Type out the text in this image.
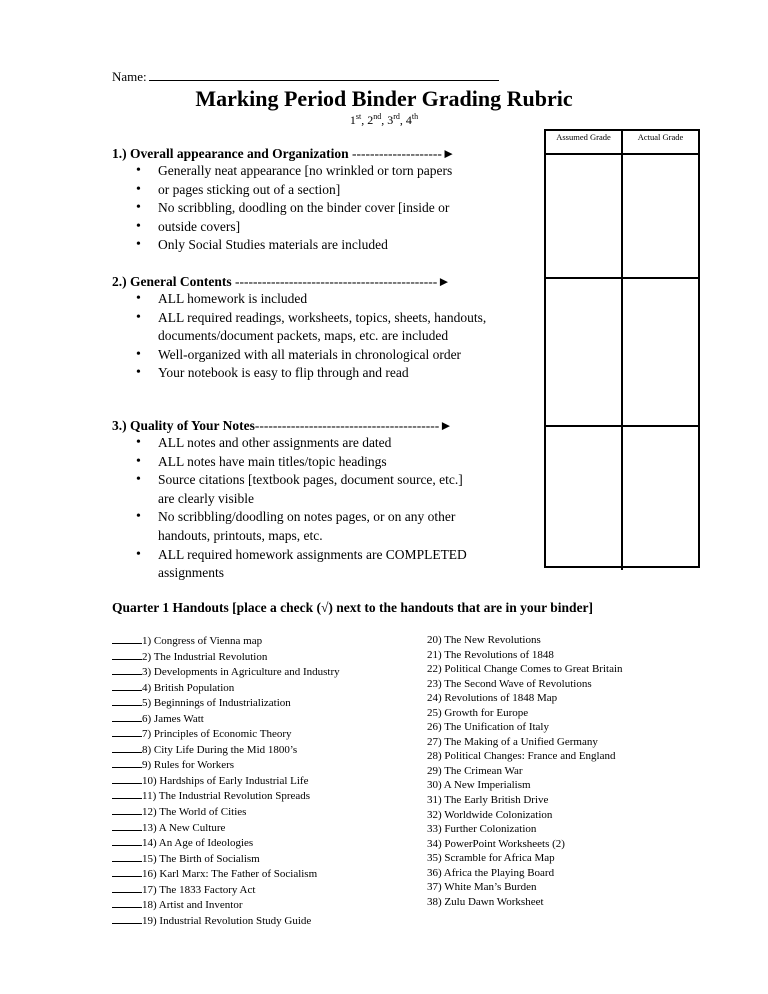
Name:
Marking Period Binder Grading Rubric
1st, 2nd, 3rd, 4th
Assumed Grade	Actual Grade
1.) Overall appearance and Organization --------------------►
• Generally neat appearance [no wrinkled or torn papers
• or pages sticking out of a section]
• No scribbling, doodling on the binder cover [inside or
• outside covers]
• Only Social Studies materials are included
2.) General Contents ---------------------------------------------►
• ALL homework is included
• ALL required readings, worksheets, topics, sheets, handouts, documents/document packets, maps, etc. are included
• Well-organized with all materials in chronological order
• Your notebook is easy to flip through and read
3.) Quality of Your Notes-----------------------------------------►
• ALL notes and other assignments are dated
• ALL notes have main titles/topic headings
• Source citations [textbook pages, document source, etc.] are clearly visible
• No scribbling/doodling on notes pages, or on any other handouts, printouts, maps, etc.
• ALL required homework assignments are COMPLETED assignments
Quarter 1 Handouts [place a check (√) next to the handouts that are in your binder]
1) Congress of Vienna map
2) The Industrial Revolution
3) Developments in Agriculture and Industry
4) British Population
5) Beginnings of Industrialization
6) James Watt
7) Principles of Economic Theory
8) City Life During the Mid 1800’s
9) Rules for Workers
10) Hardships of Early Industrial Life
11) The Industrial Revolution Spreads
12) The World of Cities
13) A New Culture
14) An Age of Ideologies
15) The Birth of Socialism
16) Karl Marx: The Father of Socialism
17) The 1833 Factory Act
18) Artist and Inventor
19) Industrial Revolution Study Guide
20) The New Revolutions
21) The Revolutions of 1848
22) Political Change Comes to Great Britain
23) The Second Wave of Revolutions
24) Revolutions of 1848 Map
25) Growth for Europe
26) The Unification of Italy
27) The Making of a Unified Germany
28) Political Changes: France and England
29) The Crimean War
30) A New Imperialism
31) The Early British Drive
32) Worldwide Colonization
33) Further Colonization
34) PowerPoint Worksheets (2)
35) Scramble for Africa Map
36) Africa the Playing Board
37) White Man’s Burden
38) Zulu Dawn Worksheet
